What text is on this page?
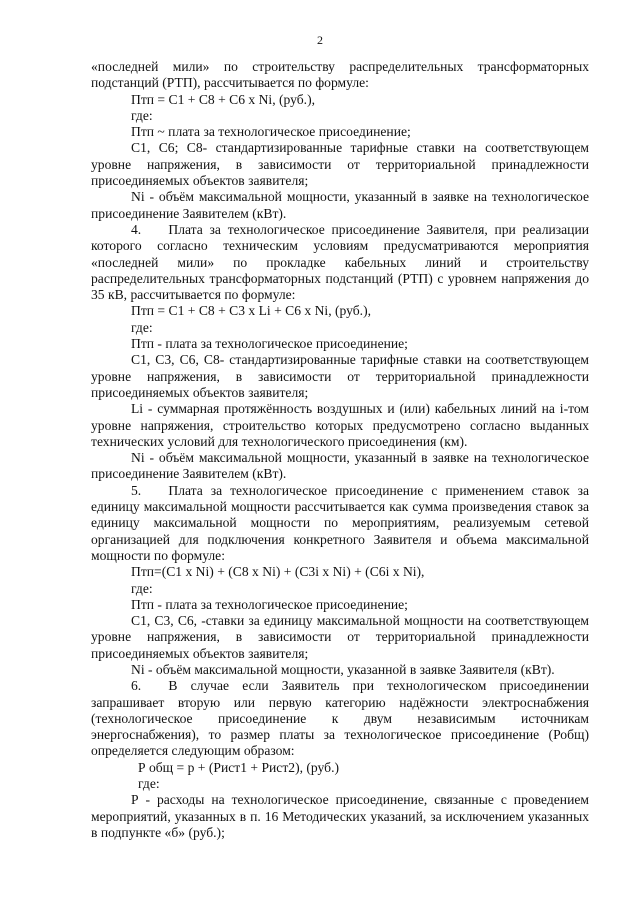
2

«последней мили» по строительству распределительных трансформаторных подстанций (РТП), рассчитывается по формуле:

Птп = С1 + С8 + С6 х Ni, (руб.),

где:

Птп ~ плата за технологическое присоединение;

С1, С6; С8- стандартизированные тарифные ставки на соответствующем уровне напряжения, в зависимости от территориальной принадлежности присоединяемых объектов заявителя;

Ni - объём максимальной мощности, указанный в заявке на технологическое присоединение Заявителем (кВт).

4.  Плата за технологическое присоединение Заявителя, при реализации которого согласно техническим условиям предусматриваются мероприятия «последней мили» по прокладке кабельных линий и строительству распределительных трансформаторных подстанций (РТП) с уровнем напряжения до 35 кВ, рассчитывается по формуле:

Птп = С1 + С8 + С3 х Li + С6 х Ni, (руб.),

где:

Птп - плата за технологическое присоединение;

С1, С3, С6, С8- стандартизированные тарифные ставки на соответствующем уровне напряжения, в зависимости от территориальной принадлежности присоединяемых объектов заявителя;

Li - суммарная протяжённость воздушных и (или) кабельных линий на i-том уровне напряжения, строительство которых предусмотрено согласно выданных технических условий для технологического присоединения (км).

Ni - объём максимальной мощности, указанный в заявке на технологическое присоединение Заявителем (кВт).

5.  Плата за технологическое присоединение с применением ставок за единицу максимальной мощности рассчитывается как сумма произведения ставок за единицу максимальной мощности по мероприятиям, реализуемым сетевой организацией для подключения конкретного Заявителя и объема максимальной мощности по формуле:

Птп=(С1 х Ni) + (С8 х Ni) + (С3i х Ni) + (С6i х Ni),

где:

Птп - плата за технологическое присоединение;

С1, С3, С6, -ставки за единицу максимальной мощности на соответствующем уровне напряжения, в зависимости от территориальной принадлежности присоединяемых объектов заявителя;

Ni - объём максимальной мощности, указанной в заявке Заявителя (кВт).

6.  В случае если Заявитель при технологическом присоединении запрашивает вторую или первую категорию надёжности электроснабжения (технологическое присоединение к двум независимым источникам энергоснабжения), то размер платы за технологическое присоединение (Робщ) определяется следующим образом:

Р общ = р + (Рист1 + Рист2), (руб.)

где:

Р - расходы на технологическое присоединение, связанные с проведением мероприятий, указанных в п. 16 Методических указаний, за исключением указанных в подпункте «б» (руб.);
